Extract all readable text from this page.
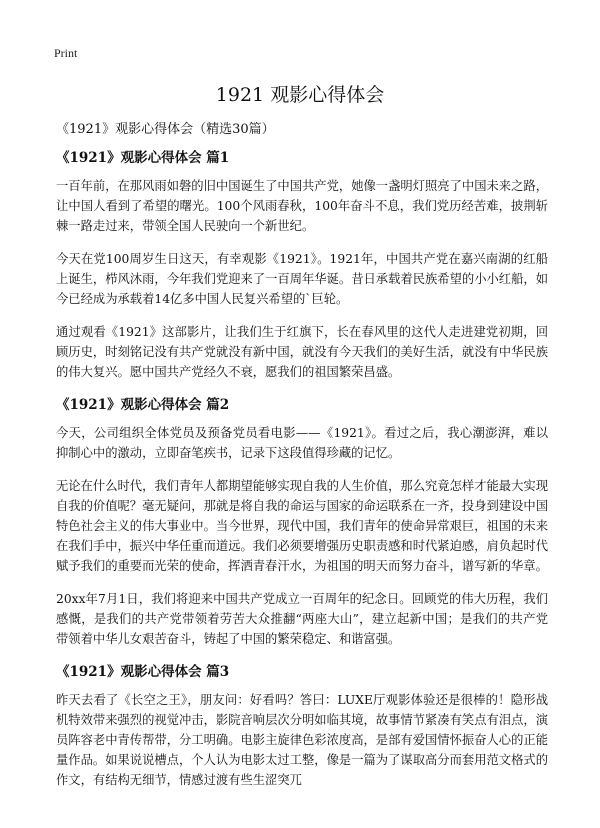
Print
1921 观影心得体会

《1921》观影心得体会（精选30篇）

《1921》观影心得体会 篇1

一百年前，在那风雨如磐的旧中国诞生了中国共产党，她像一盏明灯照亮了中国未来之路，让中国人看到了希望的曙光。100个风雨春秋，100年奋斗不息，我们党历经苦难，披荆斩棘一路走过来，带领全国人民驶向一个新世纪。

今天在党100周岁生日这天，有幸观影《1921》。1921年，中国共产党在嘉兴南湖的红船上诞生，栉风沐雨，今年我们党迎来了一百周年华诞。昔日承载着民族希望的小小红船，如今已经成为承载着14亿多中国人民复兴希望的`巨轮。

通过观看《1921》这部影片，让我们生于红旗下，长在春风里的这代人走进建党初期，回顾历史，时刻铭记没有共产党就没有新中国，就没有今天我们的美好生活，就没有中华民族的伟大复兴。愿中国共产党经久不衰，愿我们的祖国繁荣昌盛。

《1921》观影心得体会 篇2

今天，公司组织全体党员及预备党员看电影——《1921》。看过之后，我心潮澎湃，难以抑制心中的激动，立即奋笔疾书，记录下这段值得珍藏的记忆。

无论在什么时代，我们青年人都期望能够实现自我的人生价值，那么究竟怎样才能最大实现自我的价值呢？毫无疑问，那就是将自我的命运与国家的命运联系在一齐，投身到建设中国特色社会主义的伟大事业中。当今世界，现代中国，我们青年的使命异常艰巨，祖国的未来在我们手中，振兴中华任重而道远。我们必须要增强历史职责感和时代紧迫感，肩负起时代赋予我们的重要而光荣的使命，挥洒青春汗水，为祖国的明天而努力奋斗，谱写新的华章。

20xx年7月1日，我们将迎来中国共产党成立一百周年的纪念日。回顾党的伟大历程，我们感慨，是我们的共产党带领着劳苦大众推翻“两座大山”，建立起新中国；是我们的共产党带领着中华儿女艰苦奋斗，铸起了中国的繁荣稳定、和谐富强。

《1921》观影心得体会 篇3

昨天去看了《长空之王》，朋友问：好看吗？答曰：LUXE厅观影体验还是很棒的！隐形战机特效带来强烈的视觉冲击，影院音响层次分明如临其境，故事情节紧凑有笑点有泪点，演员阵容老中青传帮带，分工明确。电影主旋律色彩浓度高，是部有爱国情怀振奋人心的正能量作品。如果说说槽点，个人认为电影太过工整，像是一篇为了谋取高分而套用范文格式的作文，有结构无细节，情感过渡有些生涩突兀
